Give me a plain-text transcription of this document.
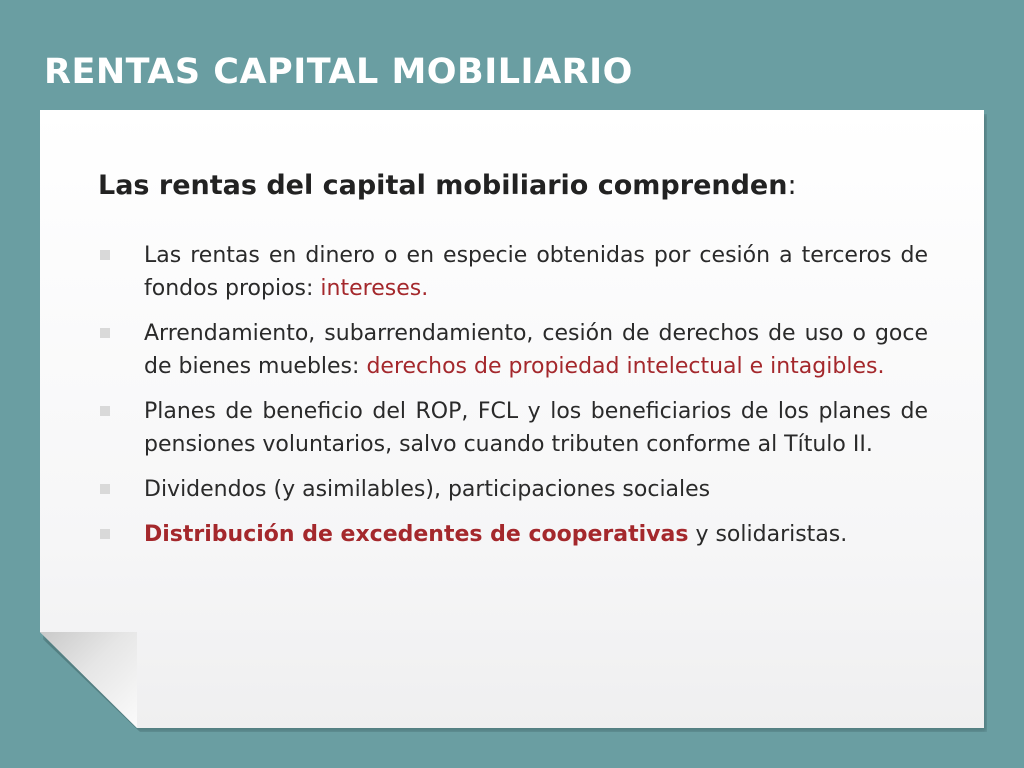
RENTAS CAPITAL MOBILIARIO

Las rentas del capital mobiliario comprenden:

Las rentas en dinero o en especie obtenidas por cesión a terceros de fondos propios: intereses.
Arrendamiento, subarrendamiento, cesión de derechos de uso o goce de bienes muebles: derechos de propiedad intelectual e intagibles.
Planes de beneficio del ROP, FCL y los beneficiarios de los planes de pensiones voluntarios, salvo cuando tributen conforme al Título II.
Dividendos (y asimilables), participaciones sociales
Distribución de excedentes de cooperativas y solidaristas.
